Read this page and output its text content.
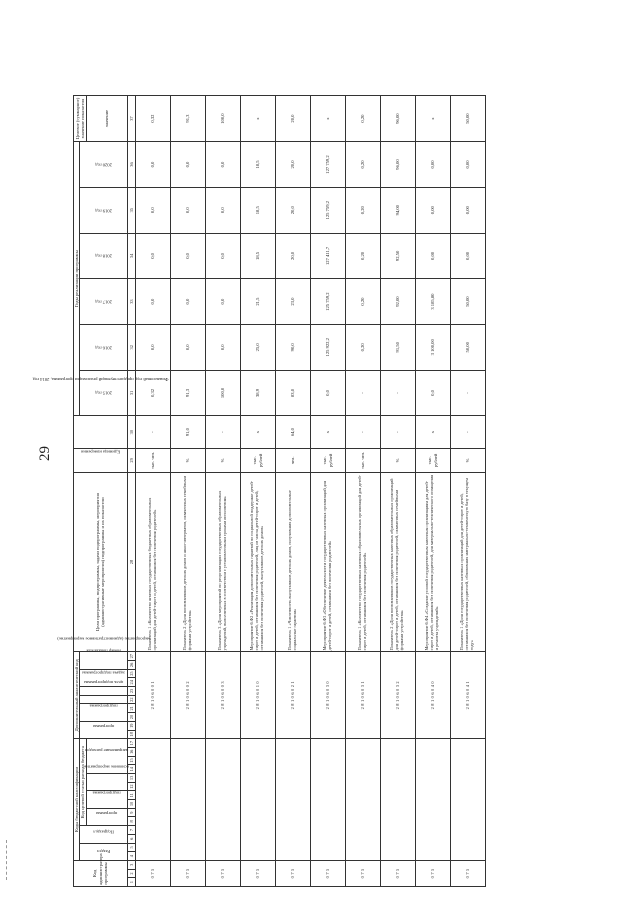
29
Код администратора программы			Коды бюджетной классификации														Дополнительный аналитический код										Цели программы, подпрограммы, задачи подпрограммы, мероприятия (административные мероприятия) подпрограммы и их показатели	Единица измерения	Финансовый год, предшествующий реализации программы, 2014 год	Годы реализации программы						Целевое (суммарное) значение показателя
			Раздел		Подраздел		Код целевой статьи расхода бюджета										программа		подпрограмма		цель подпрограммы	задача подпрограммы	мероприятие (административное мероприятие)		номер показателя					2015 год	2016 год	2017 год	2018 год	2019 год	2020 год	
							программа		подпрограмма		основное мероприятие		направление расходов																							значение
1	2	3	4	5	6	7	8	9	10	11	12	13	14	15	16	17	18	19	20	21	22	23	24	25	26	27	28	29	30	31	32	33	34	35	36	37
0 7 5																	2 8 1 0 6 0 0 1										Показатель 1 «Количество штатных государственных бюджетных образовательных организаций для детей-сирот и детей, оставшихся без попечения родителей»	тыс. чел.	-	0,32	0,0	0,0	0,0	0,0	0,0	0,32
0 7 5																	2 8 1 0 6 0 0 2										Показатель 2 «Доля воспитанников детских домов и школ-интернатов, охваченных семейными формами устройства»	%	91,0	91,3	0,0	0,0	0,0	0,0	0,0	91,3
0 7 5																	2 8 1 0 6 0 0 3										Показатель 3 «Доля мероприятий по реорганизации государственных образовательных учреждений, выполненных в соответствии с установленными сроками исполнения»	%	-	100,0	0,0	0,0	0,0	0,0	0,0	100,0
0 7 5																	2 8 1 0 6 0 1 0										Мероприятие 6.Ф2 «Реализация дополнительных гарантий по социальной поддержке детей-сирот и детей, оставшихся без попечения родителей, лиц из числа детей-сирот и детей, оставшихся без попечения родителей, выпускников детских домов»	тыс. рублей	x	38,9	25,0	21,5	18,5	18,5	18,5	x
0 7 5																	2 8 1 0 6 0 2 1										Показатель 1 «Численность выпускников детских домов, получивших дополнительные социальные гарантии»	чел.	64,0	83,0	90,0	23,0	20,0	20,0	20,0	20,0
0 7 5																	2 8 1 0 6 0 3 0										Мероприятие 6.Ф3 «Обеспечение деятельности государственных казенных организаций для детей-сирот и детей, оставшихся без попечения родителей»	тыс. рублей	x	0,0	125 922,2	125 759,2	127 411,7	125 759,2	127 759,2	x
0 7 5																	2 8 1 0 6 0 3 1										Показатель 1 «Количество государственных казенных образовательных организаций для детей-сирот и детей, оставшихся без попечения родителей»	тыс. чел.	-	-	0,20	0,20	0,20	0,20	0,20	0,20
0 7 5																	2 8 1 0 6 0 3 2										Показатель 2 «Доля воспитанников государственных казенных образовательных организаций для детей-сирот и детей, оставшихся без попечения родителей, охваченных семейными формами устройства»	%	-	-	91,50	92,00	92,50	94,00	96,00	96,00
0 7 5																	2 8 1 0 6 0 4 0										Мероприятие 6.Ф4 «Создание условий государственным казенным организациям для детей-сирот и детей, оставшихся без попечения родителей, для материально-технического оснащения и ремонта учреждений»	тыс. рублей	x	0,0	3 100,00	3 185,80	0,00	0,00	0,00	x
0 7 5																	2 8 1 0 6 0 4 1										Показатель 1 «Доля государственных казенных организаций для детей-сирот и детей, оставшихся без попечения родителей, обновивших материально-техническую базу в текущем году»	%	-	-	50,00	50,00	0,00	0,00	0,00	50,00
